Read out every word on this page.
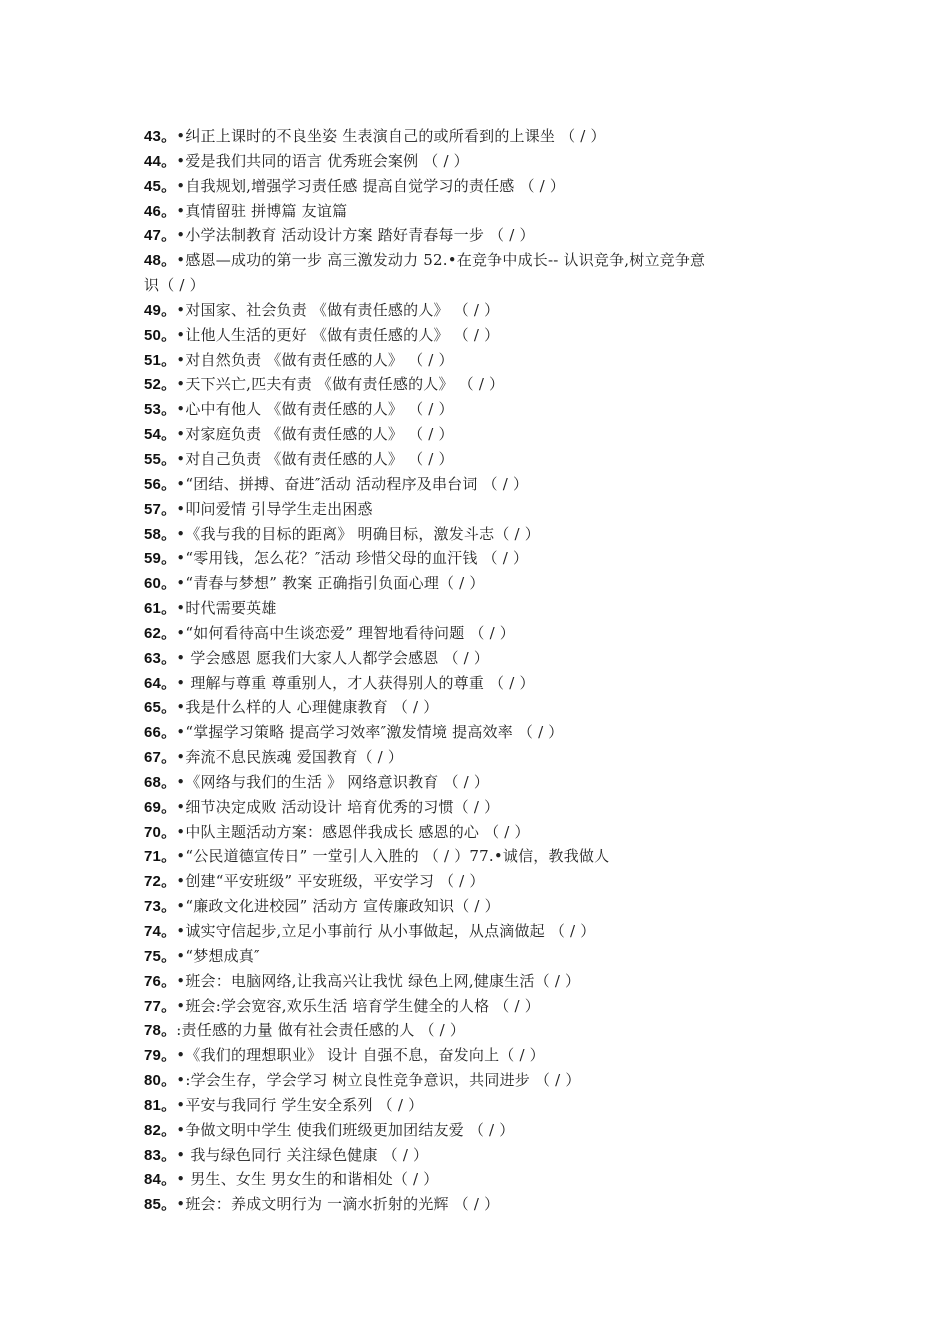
43。•纠正上课时的不良坐姿 生表演自己的或所看到的上课坐 （ / ）
44。•爱是我们共同的语言 优秀班会案例 （ / ）
45。•自我规划,增强学习责任感 提高自觉学习的责任感 （ / ）
46。•真情留驻 拼博篇 友谊篇
47。•小学法制教育 活动设计方案 踏好青春每一步 （ / ）
48。•感恩—成功的第一步 高三激发动力 52.•在竞争中成长-- 认识竞争,树立竞争意
识（ / ）
49。•对国家、社会负责 《做有责任感的人》 （ / ）
50。•让他人生活的更好 《做有责任感的人》 （ / ）
51。•对自然负责 《做有责任感的人》 （ / ）
52。•天下兴亡,匹夫有责 《做有责任感的人》 （ / ）
53。•心中有他人 《做有责任感的人》 （ / ）
54。•对家庭负责 《做有责任感的人》 （ / ）
55。•对自己负责 《做有责任感的人》 （ / ）
56。•“团结、拼搏、奋进″活动 活动程序及串台词 （ / ）
57。•叩问爱情 引导学生走出困惑
58。•《我与我的目标的距离》 明确目标，激发斗志（ / ）
59。•“零用钱，怎么花？″活动 珍惜父母的血汗钱 （ / ）
60。•“青春与梦想” 教案 正确指引负面心理（ / ）
61。•时代需要英雄
62。•“如何看待高中生谈恋爱” 理智地看待问题 （ / ）
63。• 学会感恩 愿我们大家人人都学会感恩 （ / ）
64。• 理解与尊重 尊重别人，才人获得别人的尊重 （ / ）
65。•我是什么样的人 心理健康教育 （ / ）
66。•“掌握学习策略 提高学习效率″激发情境 提高效率 （ / ）
67。•奔流不息民族魂 爱国教育（ / ）
68。•《网络与我们的生活 》 网络意识教育 （ / ）
69。•细节决定成败 活动设计 培育优秀的习惯（ / ）
70。•中队主题活动方案：感恩伴我成长 感恩的心 （ / ）
71。•“公民道德宣传日” 一堂引人入胜的 （ / ）77.•诚信，教我做人
72。•创建“平安班级” 平安班级，平安学习 （ / ）
73。•“廉政文化进校园” 活动方 宣传廉政知识（ / ）
74。•诚实守信起步,立足小事前行 从小事做起，从点滴做起 （ / ）
75。•“梦想成真″
76。•班会：电脑网络,让我高兴让我忧 绿色上网,健康生活（ / ）
77。•班会:学会宽容,欢乐生活 培育学生健全的人格 （ / ）
78。:责任感的力量 做有社会责任感的人 （ / ）
79。•《我们的理想职业》 设计 自强不息，奋发向上（ / ）
80。•:学会生存，学会学习 树立良性竞争意识，共同进步 （ / ）
81。•平安与我同行 学生安全系列 （ / ）
82。•争做文明中学生 使我们班级更加团结友爱 （ / ）
83。• 我与绿色同行 关注绿色健康 （ / ）
84。• 男生、女生 男女生的和谐相处（ / ）
85。•班会：养成文明行为 一滴水折射的光辉 （ / ）
